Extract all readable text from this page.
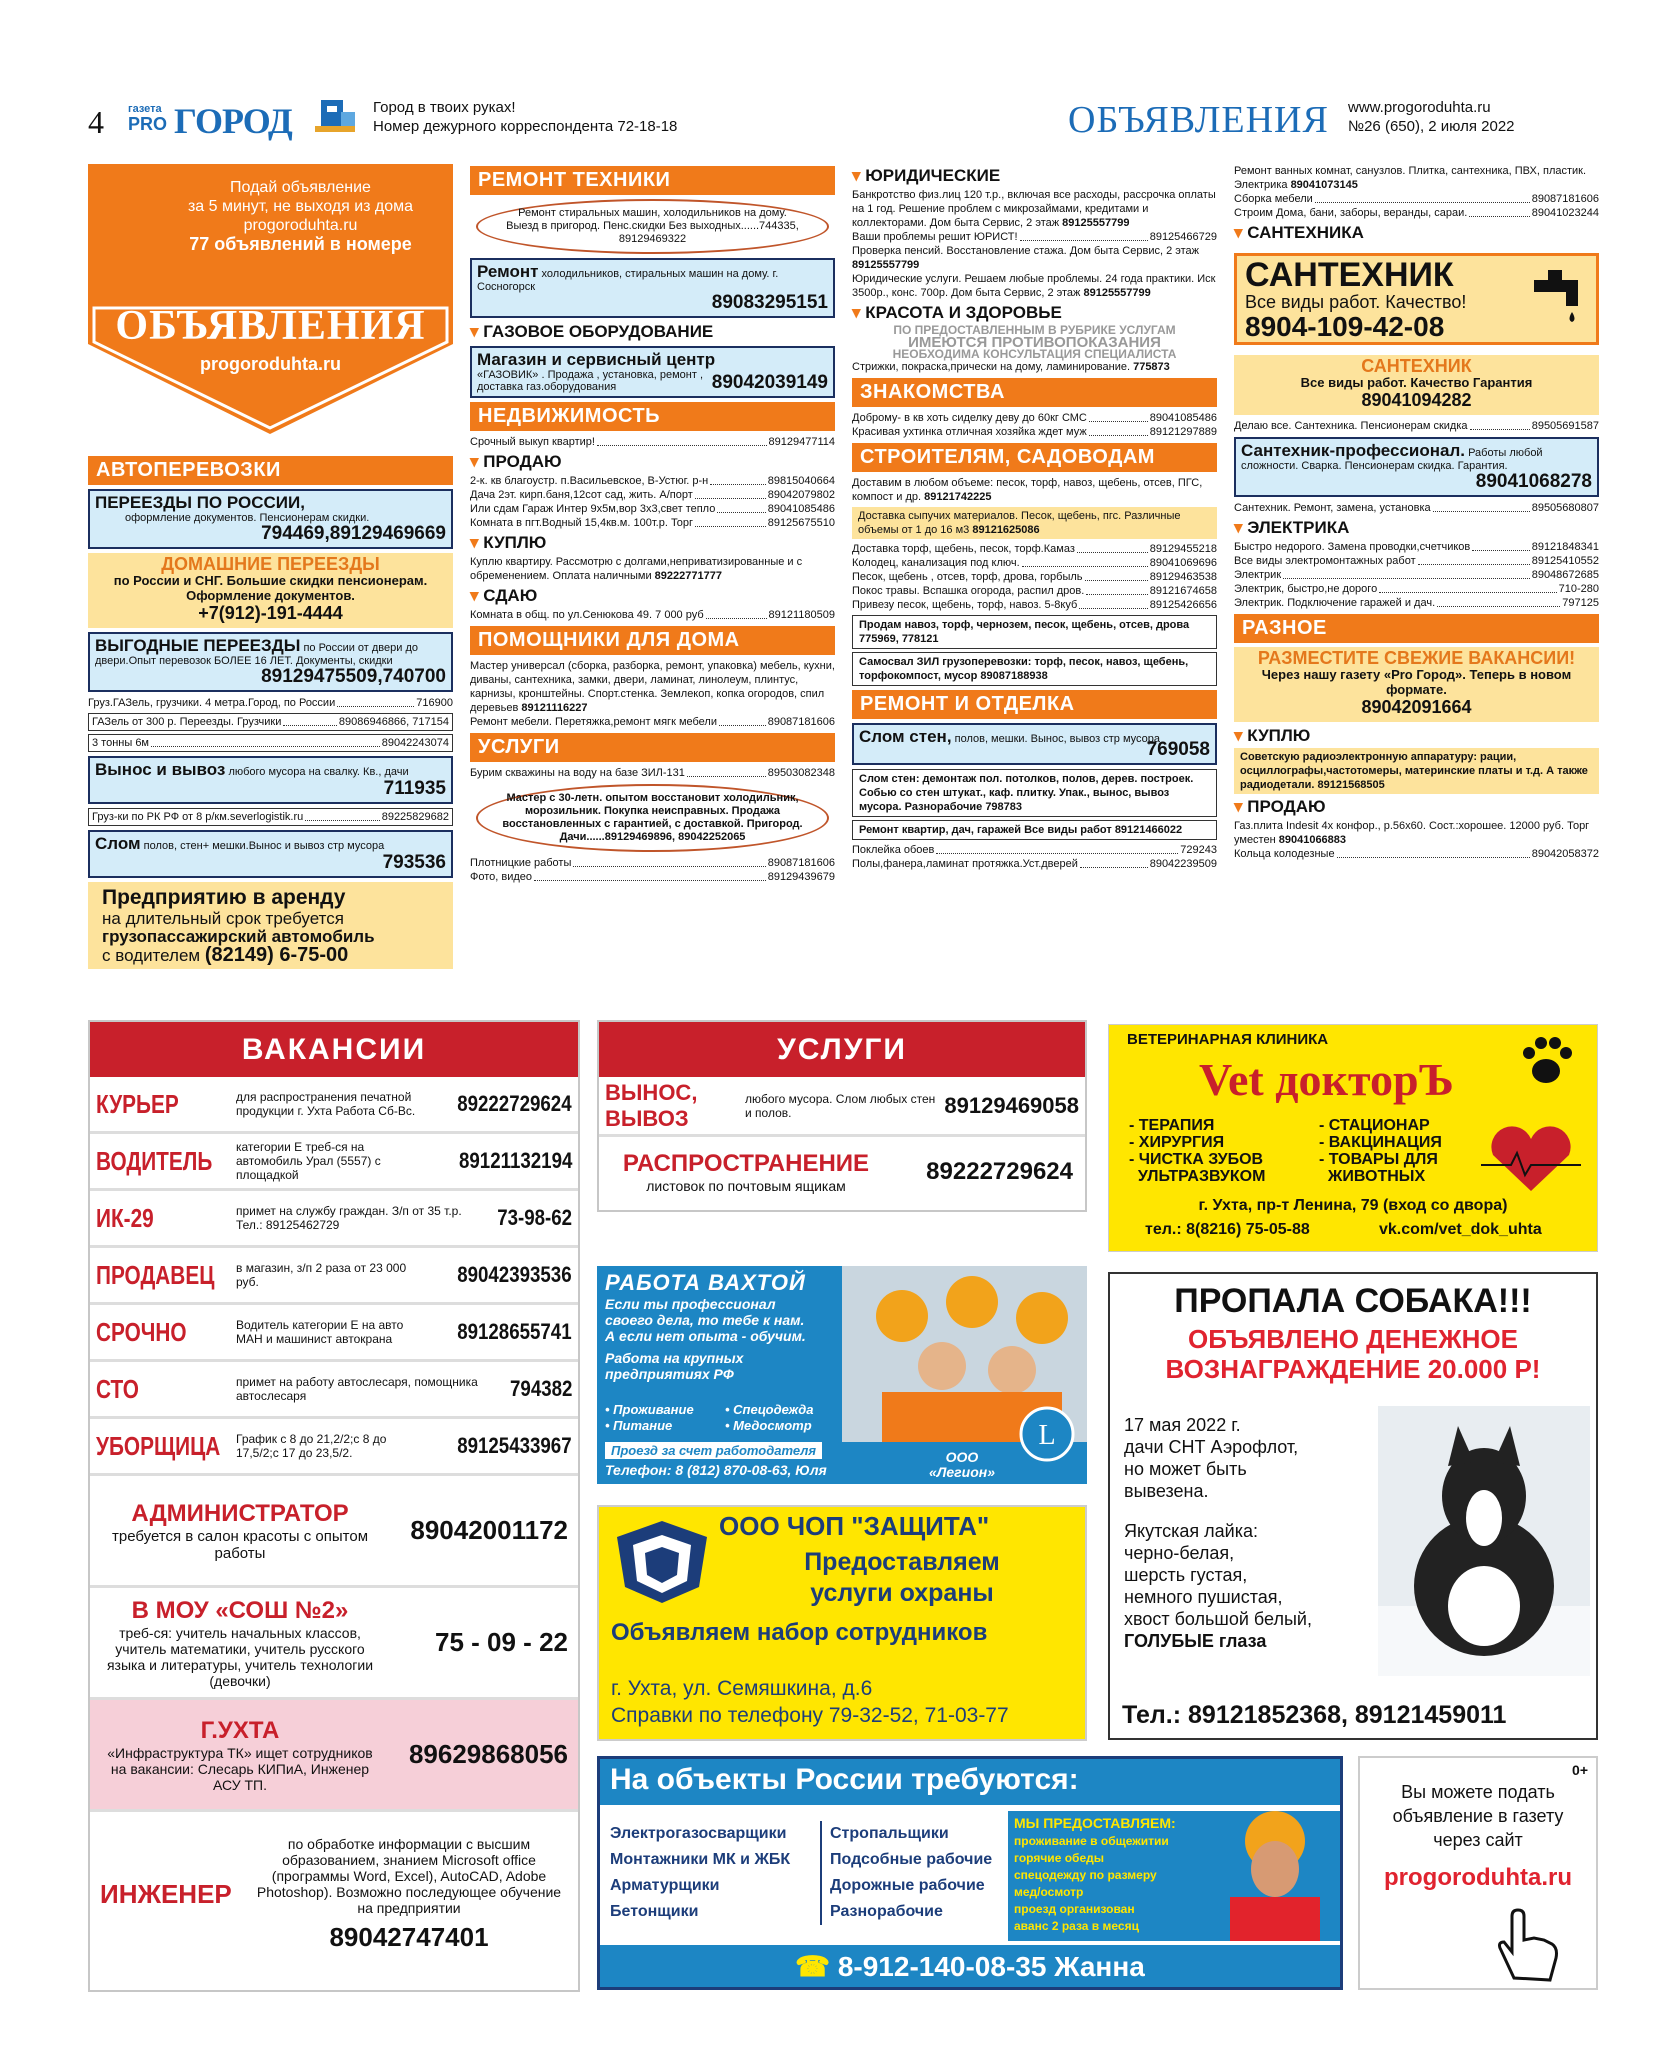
4 газета
PRO ГОРОД	Город в твоих руках!
Номер дежурного корреспондента 72-18-18	ОБЪЯВЛЕНИЯ www.progoroduhta.ru
№26 (650), 2 июля 2022
Подай объявление
за 5 минут, не выходя из дома
progoroduhta.ru
77 объявлений в номере
ОБЪЯВЛЕНИЯ
progoroduhta.ru
АВТОПЕРЕВОЗКИ
ПЕРЕЕЗДЫ ПО РОССИИ,
оформление документов. Пенсионерам скидки.
794469,89129469669
ДОМАШНИЕ ПЕРЕЕЗДЫ
по России и СНГ. Большие скидки пенсионерам. Оформление документов.
+7(912)-191-4444
ВЫГОДНЫЕ ПЕРЕЕЗДЫ по России от двери до двери.Опыт перевозок БОЛЕЕ 16 ЛЕТ. Документы, скидки
89129475509,740700
Груз.ГАЗель, грузчики. 4 метра.Город, по России	716900
ГАЗель от 300 р. Переезды. Грузчики	89086946866, 717154
3 тонны 6м	89042243074
Вынос и вывоз любого мусора на свалку. Кв., дачи
711935
Груз-ки по РК РФ от 8 р/км.severlogistik.ru	89225829682
Слом полов, стен+ мешки.Вынос и вывоз стр мусора
793536
Предприятию в аренду
на длительный срок требуется
грузопассажирский автомобиль
с водителем (82149) 6-75-00
РЕМОНТ ТЕХНИКИ
Ремонт стиральных машин, холодильников на дому. Выезд в пригород. Пенс.скидки Без выходных......744335, 89129469322
Ремонт холодильников, стиральных машин на дому. г. Сосногорск
89083295151
▾ ГАЗОВОЕ ОБОРУДОВАНИЕ
Магазин и сервисный центр
«ГАЗОВИК» . Продажа , установка, ремонт , доставка газ.оборудования	89042039149
НЕДВИЖИМОСТЬ
Срочный выкуп квартир!	89129477114
▾ ПРОДАЮ
2-к. кв благоустр. п.Васильевское, В-Устюг. р-н	89815040664
Дача 2эт. кирп.баня,12сот сад, жить. А/порт	89042079802
Или сдам Гараж Интер 9х5м,вор 3х3,свет тепло	89041085486
Комната в пгт.Водный 15,4кв.м. 100т.р. Торг	89125675510
▾ КУПЛЮ
Куплю квартиру. Рассмотрю с долгами,неприватизированные и с обременением. Оплата наличными 89222771777
▾ СДАЮ
Комната в общ. по ул.Сенюкова 49. 7 000 руб	89121180509
ПОМОЩНИКИ ДЛЯ ДОМА
Мастер универсал (сборка, разборка, ремонт, упаковка) мебель, кухни, диваны, сантехника, замки, двери, ламинат, линолеум, плинтус, карнизы, кронштейны. Спорт.стенка. Землекоп, копка огородов, спил деревьев 89121116227
Ремонт мебели. Перетяжка,ремонт мягк мебели	89087181606
УСЛУГИ
Бурим скважины на воду на базе ЗИЛ-131	89503082348
Мастер с 30-летн. опытом восстановит холодильник, морозильник. Покупка неисправных. Продажа восстановленных с гарантией, с доставкой. Пригород. Дачи......89129469896, 89042252065
Плотницкие работы	89087181606
Фото, видео	89129439679
▾ ЮРИДИЧЕСКИЕ
Банкротство физ.лиц 120 т.р., включая все расходы, рассрочка оплаты на 1 год. Решение проблем с микрозаймами, кредитами и коллекторами. Дом быта Сервис, 2 этаж 89125557799
Ваши проблемы решит ЮРИСТ!	89125466729
Проверка пенсий. Восстановление стажа. Дом быта Сервис, 2 этаж 89125557799
Юридические услуги. Решаем любые проблемы. 24 года практики. Иск 3500р., конс. 700р. Дом быта Сервис, 2 этаж 89125557799
▾ КРАСОТА И ЗДОРОВЬЕ
ПО ПРЕДОСТАВЛЕННЫМ В РУБРИКЕ УСЛУГАМ
ИМЕЮТСЯ ПРОТИВОПОКАЗАНИЯ
НЕОБХОДИМА КОНСУЛЬТАЦИЯ СПЕЦИАЛИСТА
Стрижки, покраска,прически на дому, ламинирование. 775873
ЗНАКОМСТВА
Доброму- в кв хоть сиделку деву до 60кг СМС	89041085486
Красивая ухтинка отличная хозяйка ждет муж	89121297889
СТРОИТЕЛЯМ, САДОВОДАМ
Доставим в любом объеме: песок, торф, навоз, щебень, отсев, ПГС, компост и др. 89121742225
Доставка сыпучих материалов. Песок, щебень, пгс. Различные объемы от 1 до 16 м3 89121625086
Доставка торф, щебень, песок, торф.Камаз	89129455218
Колодец, канализация под ключ.	89041069696
Песок, щебень , отсев, торф, дрова, горбыль	89129463538
Покос травы. Вспашка огорода, распил дров.	89121674658
Привезу песок, щебень, торф, навоз. 5-8куб	89125426656
Продам навоз, торф, чернозем, песок, щебень, отсев, дрова 775969, 778121
Самосвал ЗИЛ грузоперевозки: торф, песок, навоз, щебень, торфокомпост, мусор 89087188938
РЕМОНТ И ОТДЕЛКА
Слом стен, полов, мешки. Вынос, вывоз стр мусора
769058
Слом стен: демонтаж пол. потолков, полов, дерев. построек. Собью со стен штукат., каф. плитку. Упак., вынос, вывоз мусора. Разнорабочие 798783
Ремонт квартир, дач, гаражей Все виды работ 89121466022
Поклейка обоев	729243
Полы,фанера,ламинат протяжка.Уст.дверей	89042239509
Ремонт ванных комнат, санузлов. Плитка, сантехника, ПВХ, пластик. Электрика 89041073145
Сборка мебели	89087181606
Строим Дома, бани, заборы, веранды, сараи.	89041023244
▾ САНТЕХНИКА
САНТЕХНИК
Все виды работ. Качество!
8904-109-42-08
САНТЕХНИК
Все виды работ. Качество Гарантия
89041094282
Делаю все. Сантехника. Пенсионерам скидка	89505691587
Сантехник-профессионал. Работы любой сложности. Сварка. Пенсионерам скидка. Гарантия.
89041068278
Сантехник. Ремонт, замена, установка	89505680807
▾ ЭЛЕКТРИКА
Быстро недорого. Замена проводки,счетчиков	89121848341
Все виды электромонтажных работ	89125410552
Электрик	89048672685
Электрик, быстро,не дорого	710-280
Электрик. Подключение гаражей и дач.	797125
РАЗНОЕ
РАЗМЕСТИТЕ СВЕЖИЕ ВАКАНСИИ!
Через нашу газету «Pro Город». Теперь в новом формате.
89042091664
▾ КУПЛЮ
Советскую радиоэлектронную аппаратуру: рации, осциллографы,частотомеры, материнские платы и т.д. А также радиодетали. 89121568505
▾ ПРОДАЮ
Газ.плита Indesit 4х конфор., р.56х60. Сост.:хорошее. 12000 руб. Торг уместен 89041066883
Кольца колодезные	89042058372
ВАКАНСИИ
КУРЬЕР	для распространения печатной продукции г. Ухта Работа Сб-Вс.	89222729624
ВОДИТЕЛЬ категории Е треб-ся на автомобиль Урал (5557) с площадкой
89121132194
ИК-29	примет на службу граждан. З/п от 35 т.р. Тел.: 89125462729	73-98-62
ПРОДАВЕЦ в магазин, з/п 2 раза от 23 000 руб.	89042393536
СРОЧНО	Водитель категории Е на авто МАН и машинист автокрана	89128655741
СТО	примет на работу автослесаря, помощника автослесаря	794382
УБОРЩИЦА График с 8 до 21,2/2;с 8 до 17,5/2;с 17 до 23,5/2.	89125433967
АДМИНИСТРАТОР
требуется в салон красоты с опытом работы
89042001172
В МОУ «СОШ №2»
треб-ся: учитель начальных классов, учитель математики, учитель русского языка и литературы, учитель технологии (девочки)
75 - 09 - 22
Г.УХТА
«Инфраструктура ТК» ищет сотрудников на вакансии: Слесарь КИПиА, Инженер АСУ ТП.
89629868056
ИНЖЕНЕР
по обработке информации с высшим образованием, знанием Microsoft office (программы Word, Excel), AutoCAD, Adobe Photoshop). Возможно последующее обучение на предприятии
89042747401
УСЛУГИ
ВЫНОС, ВЫВОЗ
любого мусора. Слом любых стен и полов.	89129469058
РАСПРОСТРАНЕНИЕ
листовок по почтовым ящикам
89222729624
ВЕТЕРИНАРНАЯ КЛИНИКА
Vet докторЪ
- ТЕРАПИЯ
- ХИРУРГИЯ
- ЧИСТКА ЗУБОВ
УЛЬТРАЗВУКОМ
- СТАЦИОНАР
- ВАКЦИНАЦИЯ
- ТОВАРЫ ДЛЯ
ЖИВОТНЫХ
г. Ухта, пр-т Ленина, 79 (вход со двора)
тел.: 8(8216) 75-05-88	vk.com/vet_dok_uhta
РАБОТА ВАХТОЙ
Если ты профессионал
своего дела, то тебе к нам.
А если нет опыта - обучим.
Работа на крупных
предприятиях РФ
• Проживание	• Спецодежда
• Питание	• Медосмотр
Проезд за счет работодателя
Телефон: 8 (812) 870-08-63, Юля
ООО «Легион»
L
ООО ЧОП "ЗАЩИТА"
Предоставляем
услуги охраны
Объявляем набор сотрудников
г. Ухта, ул. Семяшкина, д.6
Справки по телефону 79-32-52, 71-03-77
ПРОПАЛА СОБАКА!!!
ОБЪЯВЛЕНО ДЕНЕЖНОЕ
ВОЗНАГРАЖДЕНИЕ 20.000 Р!
17 мая 2022 г.
дачи СНТ Аэрофлот,
но может быть
вывезена.
Якутская лайка:
черно-белая,
шерсть густая,
немного пушистая,
хвост большой белый,
ГОЛУБЫЕ глаза
Тел.: 89121852368, 89121459011
На объекты России требуются:
Электрогазосварщики
Монтажники МК и ЖБК
Арматурщики
Бетонщики
Стропальщики
Подсобные рабочие
Дорожные рабочие
Разнорабочие
МЫ ПРЕДОСТАВЛЯЕМ:
проживание в общежитии
горячие обеды
спецодежду по размеру
мед/осмотр
проезд организован
аванс 2 раза в месяц
☎ 8-912-140-08-35 Жанна
0+
Вы можете подать
объявление в газету
через сайт
progoroduhta.ru
